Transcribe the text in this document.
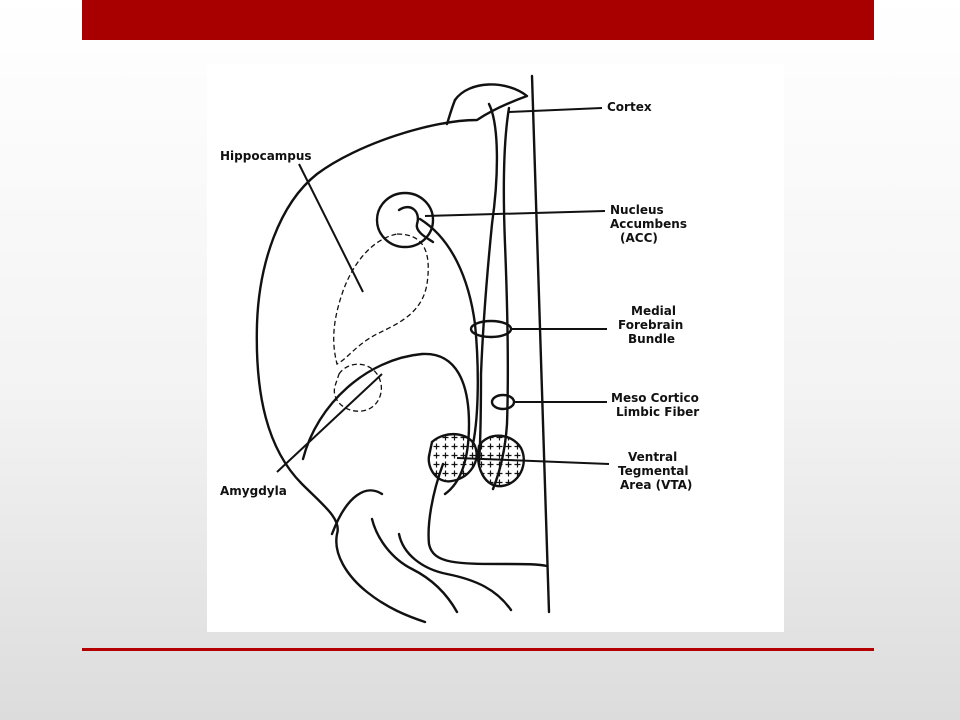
Hippocampus
Amygdyla
Cortex
Nucleus Accumbens (ACC)
Medial Forebrain Bundle
Meso Cortico Limbic Fiber
Ventral Tegmental Area (VTA)
